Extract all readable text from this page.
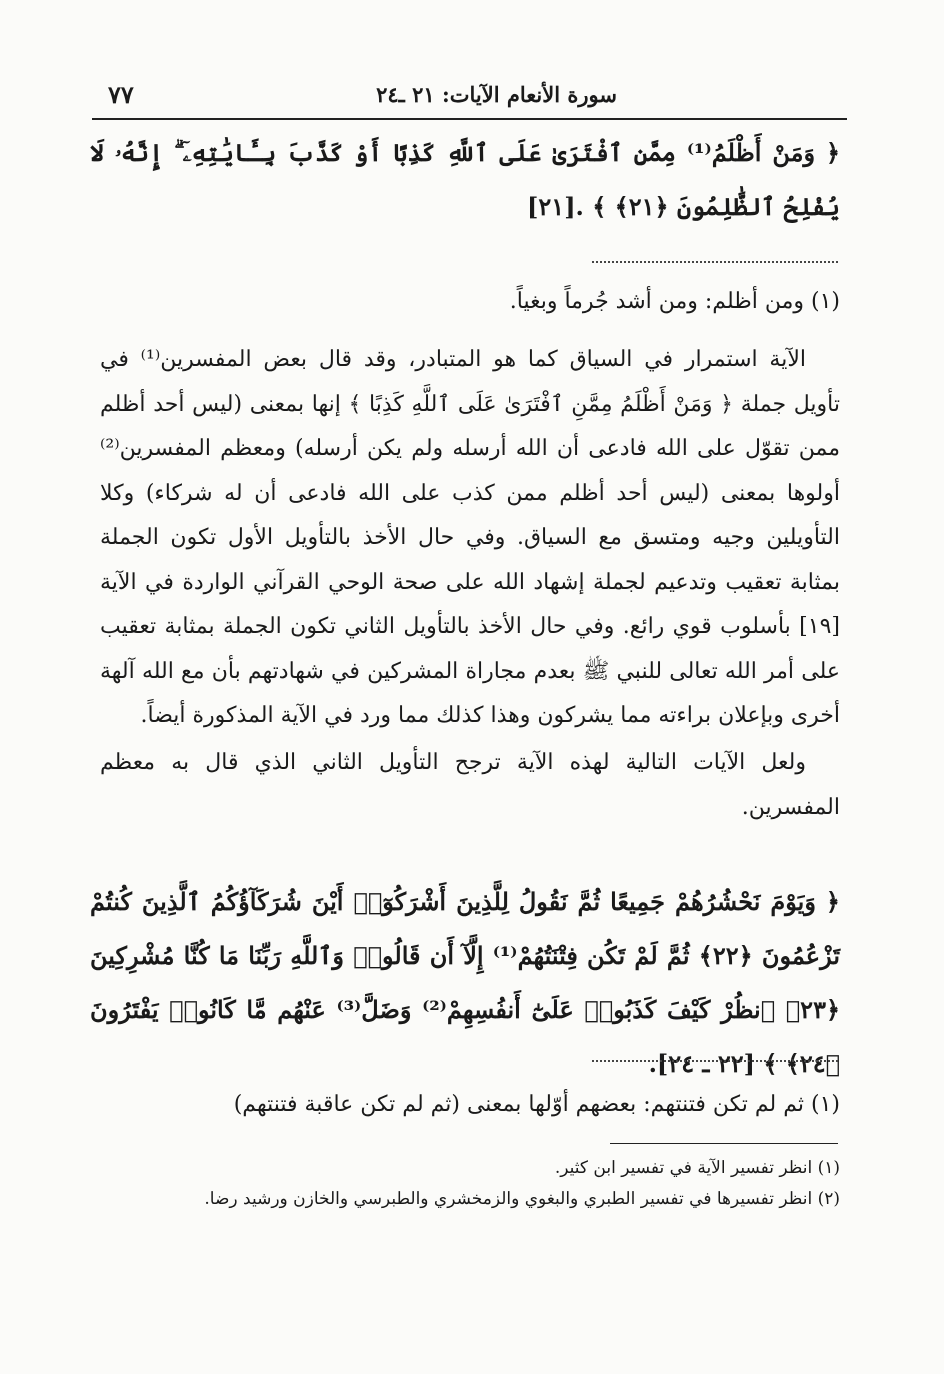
سورة الأنعام الآيات: ٢١ ـ٢٤
٧٧
﴿ وَمَنْ أَظْلَمُ⁽¹⁾ مِمَّنِ ٱفْتَرَىٰ عَلَى ٱللَّهِ كَذِبًا أَوْ كَذَّبَ بِـَٔايَٰتِهِۦٓ ۗ إِنَّهُۥ لَا يُفْلِحُ ٱلظَّٰلِمُونَ ﴿٢١﴾ ﴾ .[٢١]
(١) ومن أظلم: ومن أشد جُرماً وبغياً.
الآية استمرار في السياق كما هو المتبادر، وقد قال بعض المفسرين⁽¹⁾ في تأويل جملة ﴿ وَمَنْ أَظْلَمُ مِمَّنِ ٱفْتَرَىٰ عَلَى ٱللَّهِ كَذِبًا ﴾ إنها بمعنى (ليس أحد أظلم ممن تقوّل على الله فادعى أن الله أرسله ولم يكن أرسله) ومعظم المفسرين⁽²⁾ أولوها بمعنى (ليس أحد أظلم ممن كذب على الله فادعى أن له شركاء) وكلا التأويلين وجيه ومتسق مع السياق. وفي حال الأخذ بالتأويل الأول تكون الجملة بمثابة تعقيب وتدعيم لجملة إشهاد الله على صحة الوحي القرآني الواردة في الآية [١٩] بأسلوب قوي رائع. وفي حال الأخذ بالتأويل الثاني تكون الجملة بمثابة تعقيب على أمر الله تعالى للنبي ﷺ بعدم مجاراة المشركين في شهادتهم بأن مع الله آلهة أخرى وبإعلان براءته مما يشركون وهذا كذلك مما ورد في الآية المذكورة أيضاً.
ولعل الآيات التالية لهذه الآية ترجح التأويل الثاني الذي قال به معظم المفسرين.
﴿ وَيَوْمَ نَحْشُرُهُمْ جَمِيعًا ثُمَّ نَقُولُ لِلَّذِينَ أَشْرَكُوٓا۟ أَيْنَ شُرَكَآؤُكُمُ ٱلَّذِينَ كُنتُمْ تَزْعُمُونَ ﴿٢٢﴾ ثُمَّ لَمْ تَكُن فِتْنَتُهُمْ⁽¹⁾ إِلَّآ أَن قَالُوا۟ وَٱللَّهِ رَبِّنَا مَا كُنَّا مُشْرِكِينَ ﴿٢٣﴾ ٱنظُرْ كَيْفَ كَذَبُوا۟ عَلَىٰٓ أَنفُسِهِمْ⁽²⁾ وَضَلَّ⁽³⁾ عَنْهُم مَّا كَانُوا۟ يَفْتَرُونَ ﴿٢٤﴾ ﴾ [٢٢ ـ ٢٤].
(١) ثم لم تكن فتنتهم: بعضهم أوّلها بمعنى (ثم لم تكن عاقبة فتنتهم)
(١) انظر تفسير الآية في تفسير ابن كثير.
(٢) انظر تفسيرها في تفسير الطبري والبغوي والزمخشري والطبرسي والخازن ورشيد رضا.
